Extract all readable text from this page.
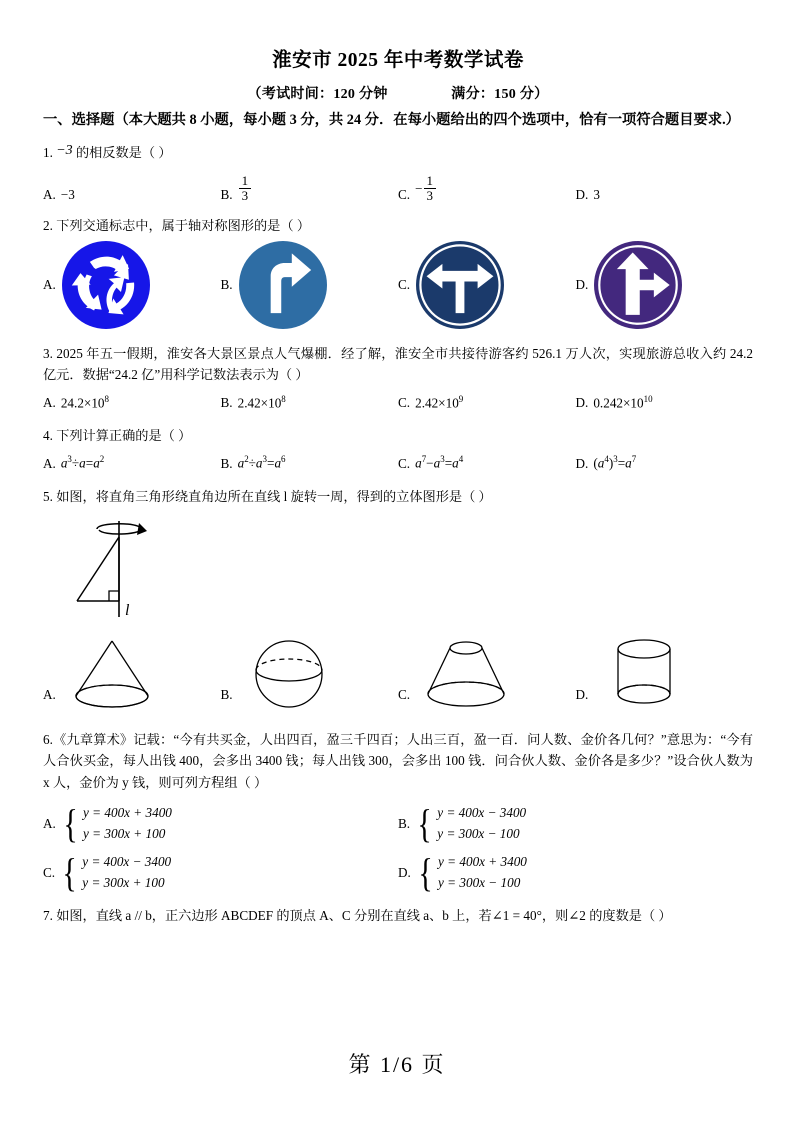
淮安市 2025 年中考数学试卷
（考试时间：120 分钟	满分：150 分）
一、选择题（本大题共 8 小题，每小题 3 分，共 24 分．在每小题给出的四个选项中，恰有一项符合题目要求.）
1. −3 的相反数是（ ）
A. −3	B. $\frac{1}{3}$	C. − $\frac{1}{3}$	D. 3
2. 下列交通标志中，属于轴对称图形的是（ ）
A.	B.	C.	D.
3. 2025 年五一假期，淮安各大景区景点人气爆棚．经了解，淮安全市共接待游客约 526.1 万人次，实现旅游总收入约 24.2 亿元．数据“24.2 亿”用科学记数法表示为（ ）
A. $24.2\times 10^8$	B. $2.42\times 10^8$	C. $2.42\times 10^9$	D. $0.242\times 10^{10}$
4. 下列计算正确的是（ ）
A. $a^3\div a=a^2$	B. $a^2\div a^3=a^6$	C. $a^7-a^3=a^4$	D. $(a^4)^3=a^7$
5. 如图，将直角三角形绕直角边所在直线 l 旋转一周，得到的立体图形是（ ）
l
A.	B.	C.	D.
6.《九章算术》记载：“今有共买金，人出四百，盈三千四百；人出三百，盈一百．问人数、金价各几何？”意思为：“今有人合伙买金，每人出钱 400，会多出 3400 钱；每人出钱 300，会多出 100 钱．问合伙人数、金价各是多少？”设合伙人数为 x 人，金价为 y 钱，则可列方程组（ ）
A. { y = 400x + 3400
y = 300x + 100
B. { y = 400x − 3400
y = 300x − 100
C. { y = 400x − 3400
y = 300x + 100
D. { y = 400x + 3400
y = 300x − 100
7. 如图，直线 a // b，正六边形 ABCDEF 的顶点 A、C 分别在直线 a、b 上，若∠1 = 40°，则∠2 的度数是（ ）
第 1/6 页
